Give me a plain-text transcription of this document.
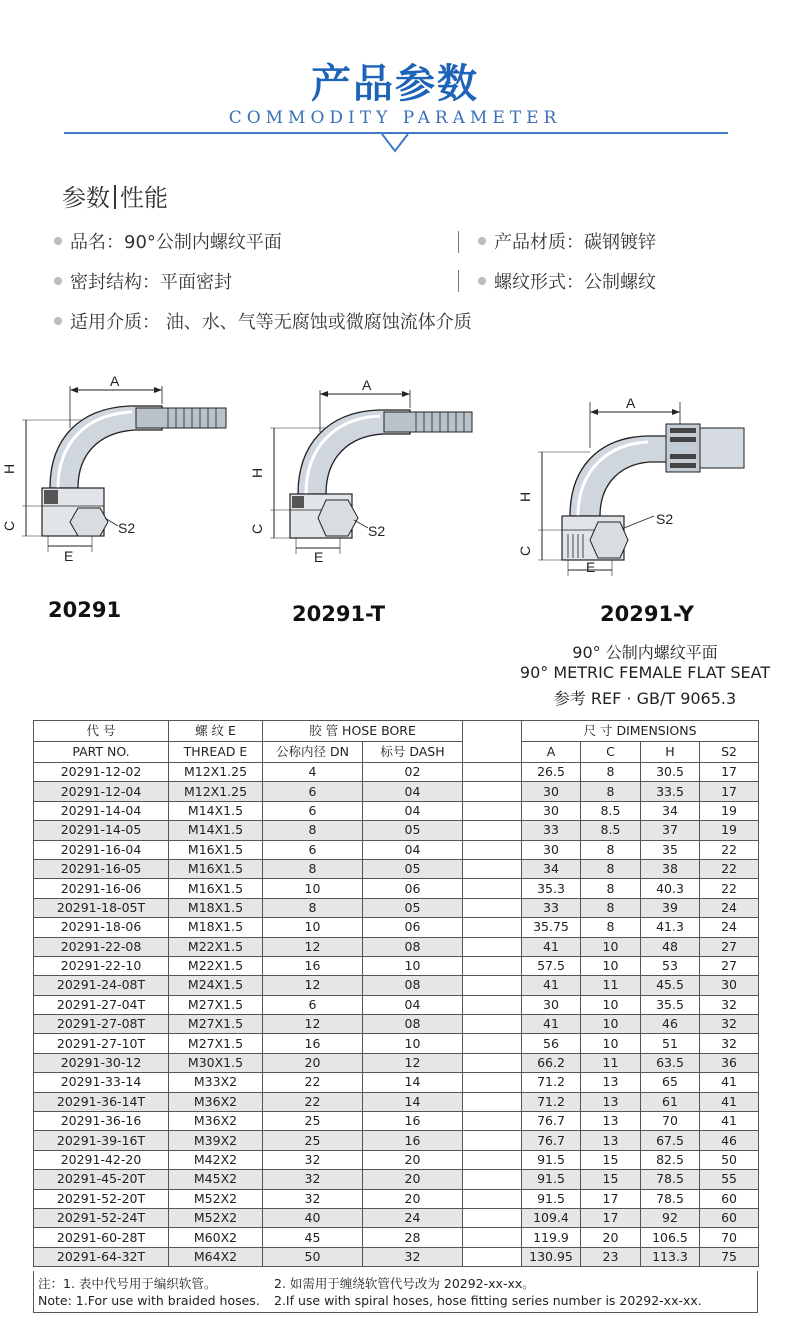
产品参数
COMMODITY PARAMETER
参数 性能
品名：90°公制内螺纹平面	产品材质：碳钢镀锌
密封结构：平面密封	螺纹形式：公制螺纹
适用介质： 油、水、气等无腐蚀或微腐蚀流体介质
A
H
C	S2
E
20291
A
H
C	S2
E
20291-T
A
H
C
S2
E
20291-Y
90° 公制内螺纹平面
90° METRIC FEMALE FLAT SEAT
参考 REF · GB/T 9065.3
代 号	螺 纹 E	胶 管 HOSE BORE			尺 寸 DIMENSIONS			
PART NO.	THREAD E	公称内径 DN	标号 DASH		A	C	H	S2
20291-12-02	M12X1.25	4	02		26.5	8	30.5	17
20291-12-04	M12X1.25	6	04		30	8	33.5	17
20291-14-04	M14X1.5	6	04		30	8.5	34	19
20291-14-05	M14X1.5	8	05		33	8.5	37	19
20291-16-04	M16X1.5	6	04		30	8	35	22
20291-16-05	M16X1.5	8	05		34	8	38	22
20291-16-06	M16X1.5	10	06		35.3	8	40.3	22
20291-18-05T	M18X1.5	8	05		33	8	39	24
20291-18-06	M18X1.5	10	06		35.75	8	41.3	24
20291-22-08	M22X1.5	12	08		41	10	48	27
20291-22-10	M22X1.5	16	10		57.5	10	53	27
20291-24-08T	M24X1.5	12	08		41	11	45.5	30
20291-27-04T	M27X1.5	6	04		30	10	35.5	32
20291-27-08T	M27X1.5	12	08		41	10	46	32
20291-27-10T	M27X1.5	16	10		56	10	51	32
20291-30-12	M30X1.5	20	12		66.2	11	63.5	36
20291-33-14	M33X2	22	14		71.2	13	65	41
20291-36-14T	M36X2	22	14		71.2	13	61	41
20291-36-16	M36X2	25	16		76.7	13	70	41
20291-39-16T	M39X2	25	16		76.7	13	67.5	46
20291-42-20	M42X2	32	20		91.5	15	82.5	50
20291-45-20T	M45X2	32	20		91.5	15	78.5	55
20291-52-20T	M52X2	32	20		91.5	17	78.5	60
20291-52-24T	M52X2	40	24		109.4	17	92	60
20291-60-28T	M60X2	45	28		119.9	20	106.5	70
20291-64-32T	M64X2	50	32		130.95	23	113.3	75
注：1. 表中代号用于编织软管。	2. 如需用于缠绕软管代号改为 20292-xx-xx。
Note: 1.For use with braided hoses. 2.If use with spiral hoses, hose fitting series number is 20292-xx-xx.
